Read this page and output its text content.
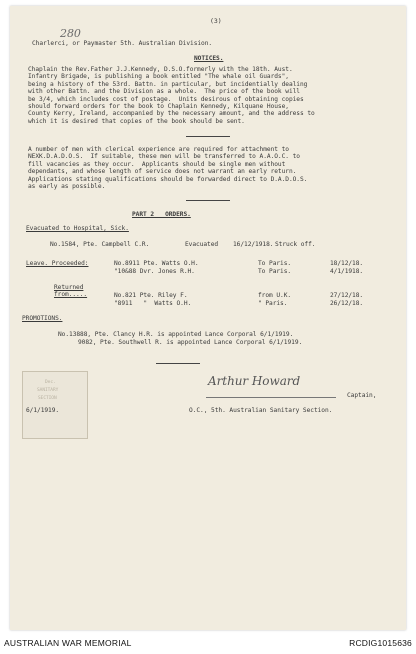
(3)
280
Charlerci, or Paymaster 5th. Australian Division.
NOTICES.
Chaplain the Rev.Father J.J.Kennedy, D.S.O.formerly with the 18th. Aust.
Infantry Brigade, is publishing a book entitled "The whale oil Guards",
being a history of the 53rd. Battn. in particular, but incidentially dealing
with other Battn. and the Division as a whole.  The price of the book will
be 3/4, which includes cost of postage.  Units desirous of obtaining copies
should forward orders for the book to Chaplain Kennedy, Kilquane House,
County Kerry, Ireland, accompanied by the necessary amount, and the address to
which it is desired that copies of the book should be sent.
A number of men with clerical experience are required for attachment to
NEXK.D.A.D.O.S.  If suitable, these men will be transferred to A.A.O.C. to
fill vacancies as they occur.  Applicants should be single men without
dependants, and whose length of service does not warrant an early return.
Applications stating qualifications should be forwarded direct to D.A.D.O.S.
as early as possible.
PART 2   ORDERS.
Evacuated to Hospital, Sick.
No.1584, Pte. Campbell C.R.	Evacuated 16/12/1918. Struck off.
Leave. Proceeded:	No.8911 Pte. Watts O.H.	To Paris.	18/12/18.
"10&88 Dvr. Jones R.H.	To Paris.	4/1/1918.
Returned
from.....	No.821 Pte. Riley F.	from U.K.	27/12/18.
"8911   "  Watts O.H.	" Paris.	26/12/18.
PROMOTIONS.
No.13888, Pte. Clancy H.R. is appointed Lance Corporal 6/1/1919.
9082, Pte. Southwell R. is appointed Lance Corporal 6/1/1919.
Dec.
SANITARY
SECTION
Arthur Howard
Captain,
6/1/1919.	O.C., 5th. Australian Sanitary Section.
AUSTRALIAN WAR MEMORIAL	RCDIG1015636
